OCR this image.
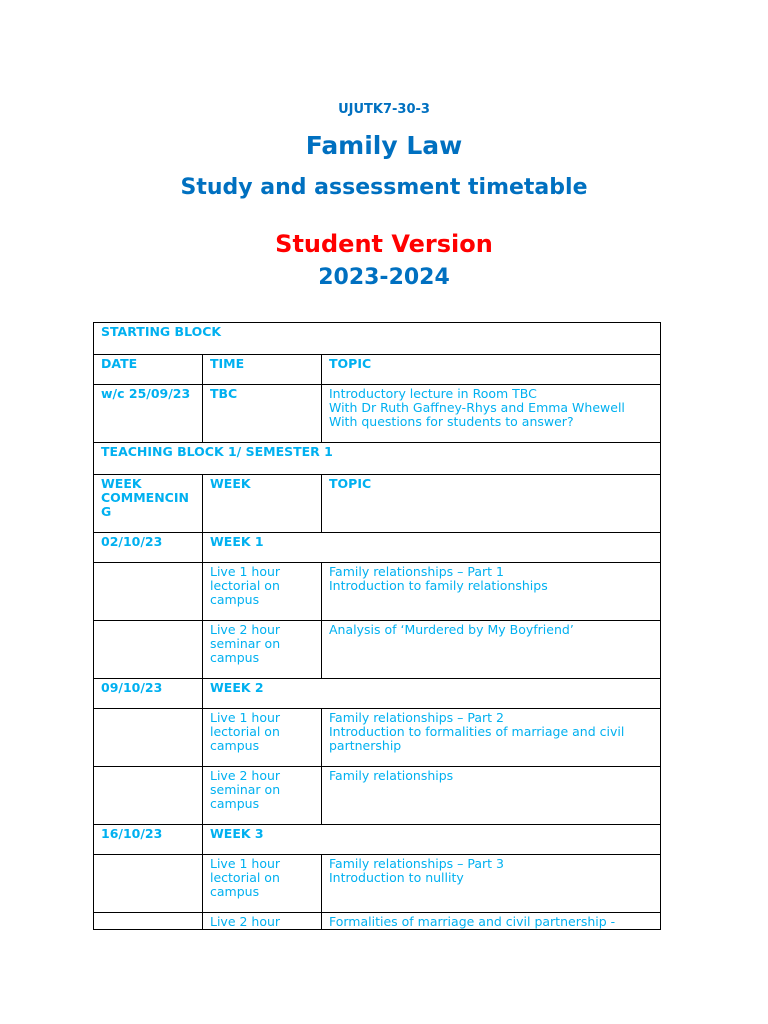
UJUTK7-30-3
Family Law
Study and assessment timetable
Student Version
2023-2024
STARTING BLOCK		
DATE	TIME	TOPIC
w/c 25/09/23	TBC	Introductory lecture in Room TBC
With Dr Ruth Gaffney-Rhys and Emma Whewell
With questions for students to answer?

TEACHING BLOCK 1/ SEMESTER 1		
WEEK COMMENCIN G	WEEK	TOPIC
02/10/23	WEEK 1	
	Live 1 hour lectorial on campus	Family relationships – Part 1
Introduction to family relationships

	Live 2 hour seminar on campus	Analysis of ‘Murdered by My Boyfriend’

09/10/23	WEEK 2	
	Live 1 hour lectorial on campus	Family relationships – Part 2
Introduction to formalities of marriage and civil partnership

	Live 2 hour seminar on campus	Family relationships

16/10/23	WEEK 3	
	Live 1 hour lectorial on campus	Family relationships – Part 3
Introduction to nullity

	Live 2 hour	Formalities of marriage and civil partnership -
